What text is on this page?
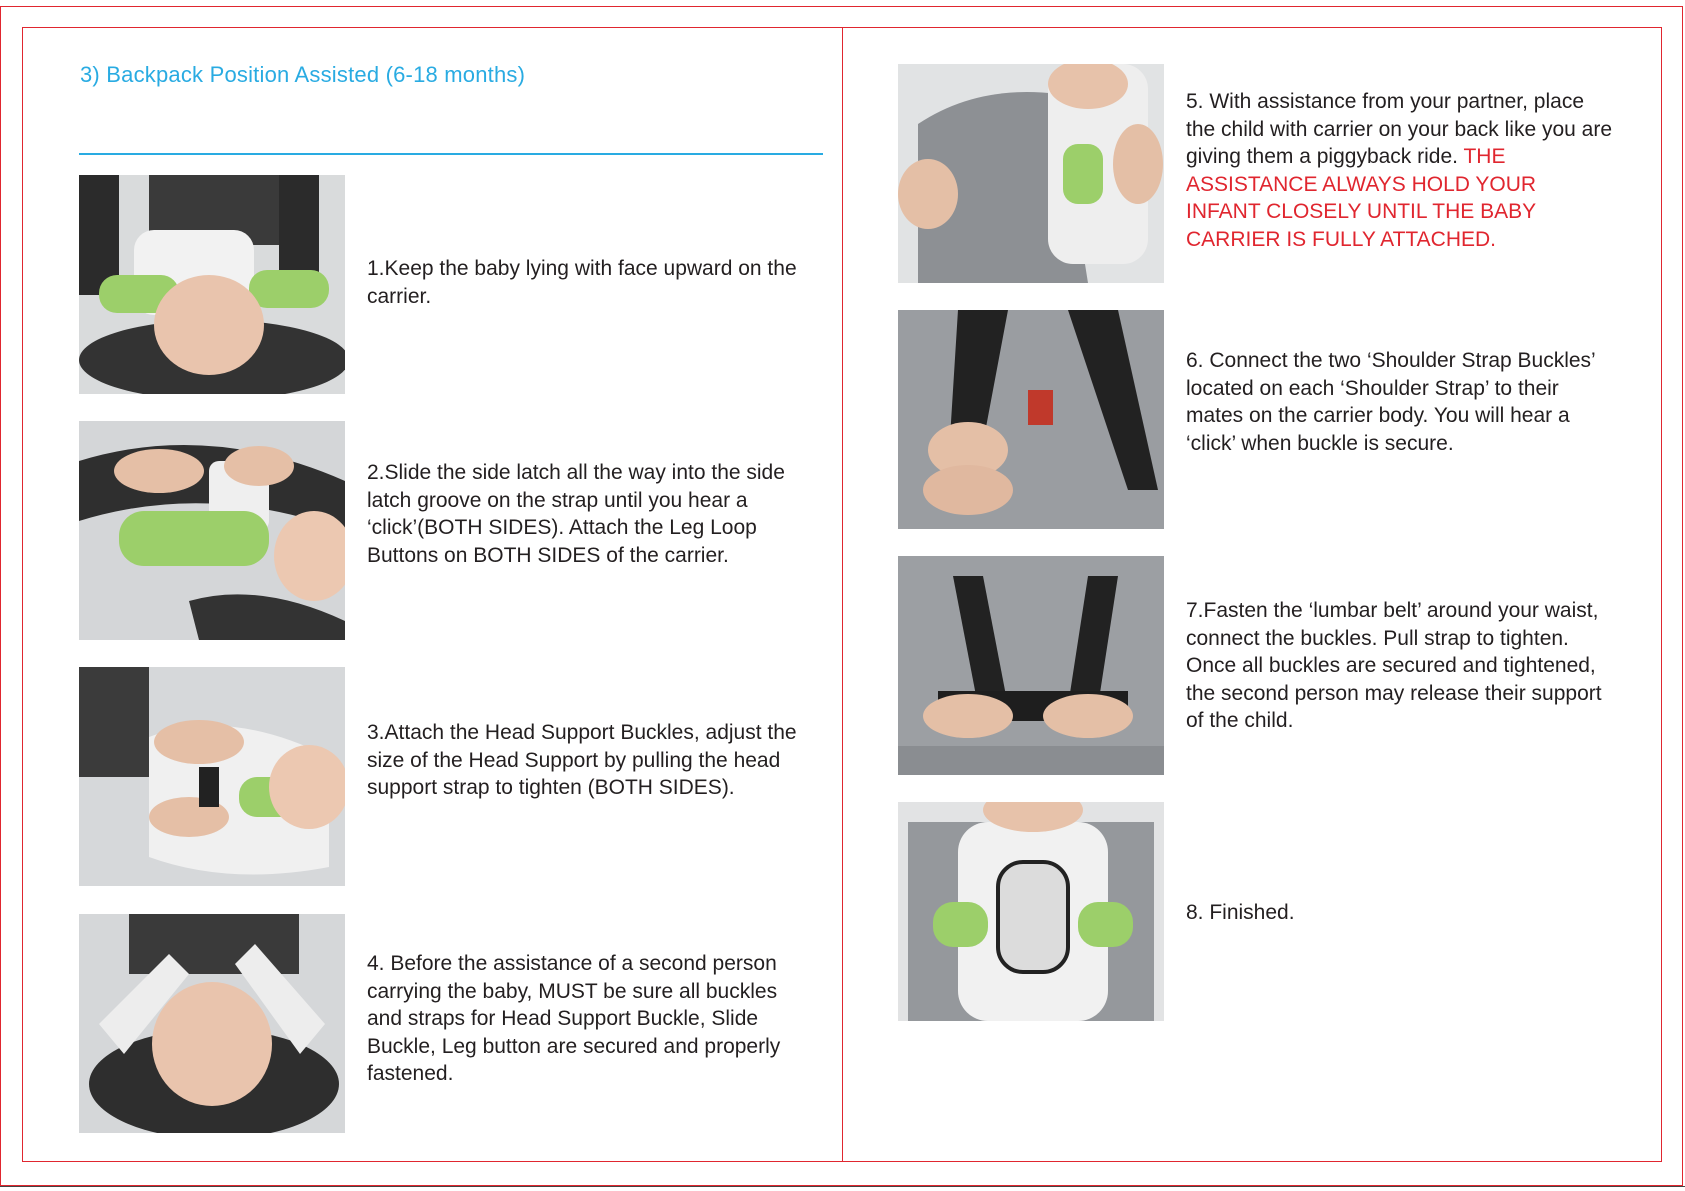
3) Backpack Position Assisted (6-18 months)
1.Keep the baby lying with face upward on the carrier.
2.Slide the side latch all the way into the side latch groove on the strap until you hear a ‘click’(BOTH SIDES). Attach the Leg Loop Buttons on BOTH SIDES of the carrier.
3.Attach the Head Support Buckles, adjust the size of the Head Support by pulling the head support strap to tighten (BOTH SIDES).
4. Before the assistance of a second person carrying the baby, MUST be sure all buckles and straps for Head Support Buckle, Slide Buckle, Leg button are secured and properly fastened.
5. With assistance from your partner, place the child with carrier on your back like you are giving them a piggyback ride. THE ASSISTANCE ALWAYS HOLD YOUR INFANT CLOSELY UNTIL THE BABY CARRIER IS FULLY ATTACHED.
6. Connect the two ‘Shoulder Strap Buckles’ located on each ‘Shoulder Strap’ to their mates on the carrier body. You will hear a ‘click’ when buckle is secure.
7.Fasten the ‘lumbar belt’ around your waist, connect the buckles. Pull strap to tighten. Once all buckles are secured and tightened, the second person may release their support of the child.
8. Finished.
